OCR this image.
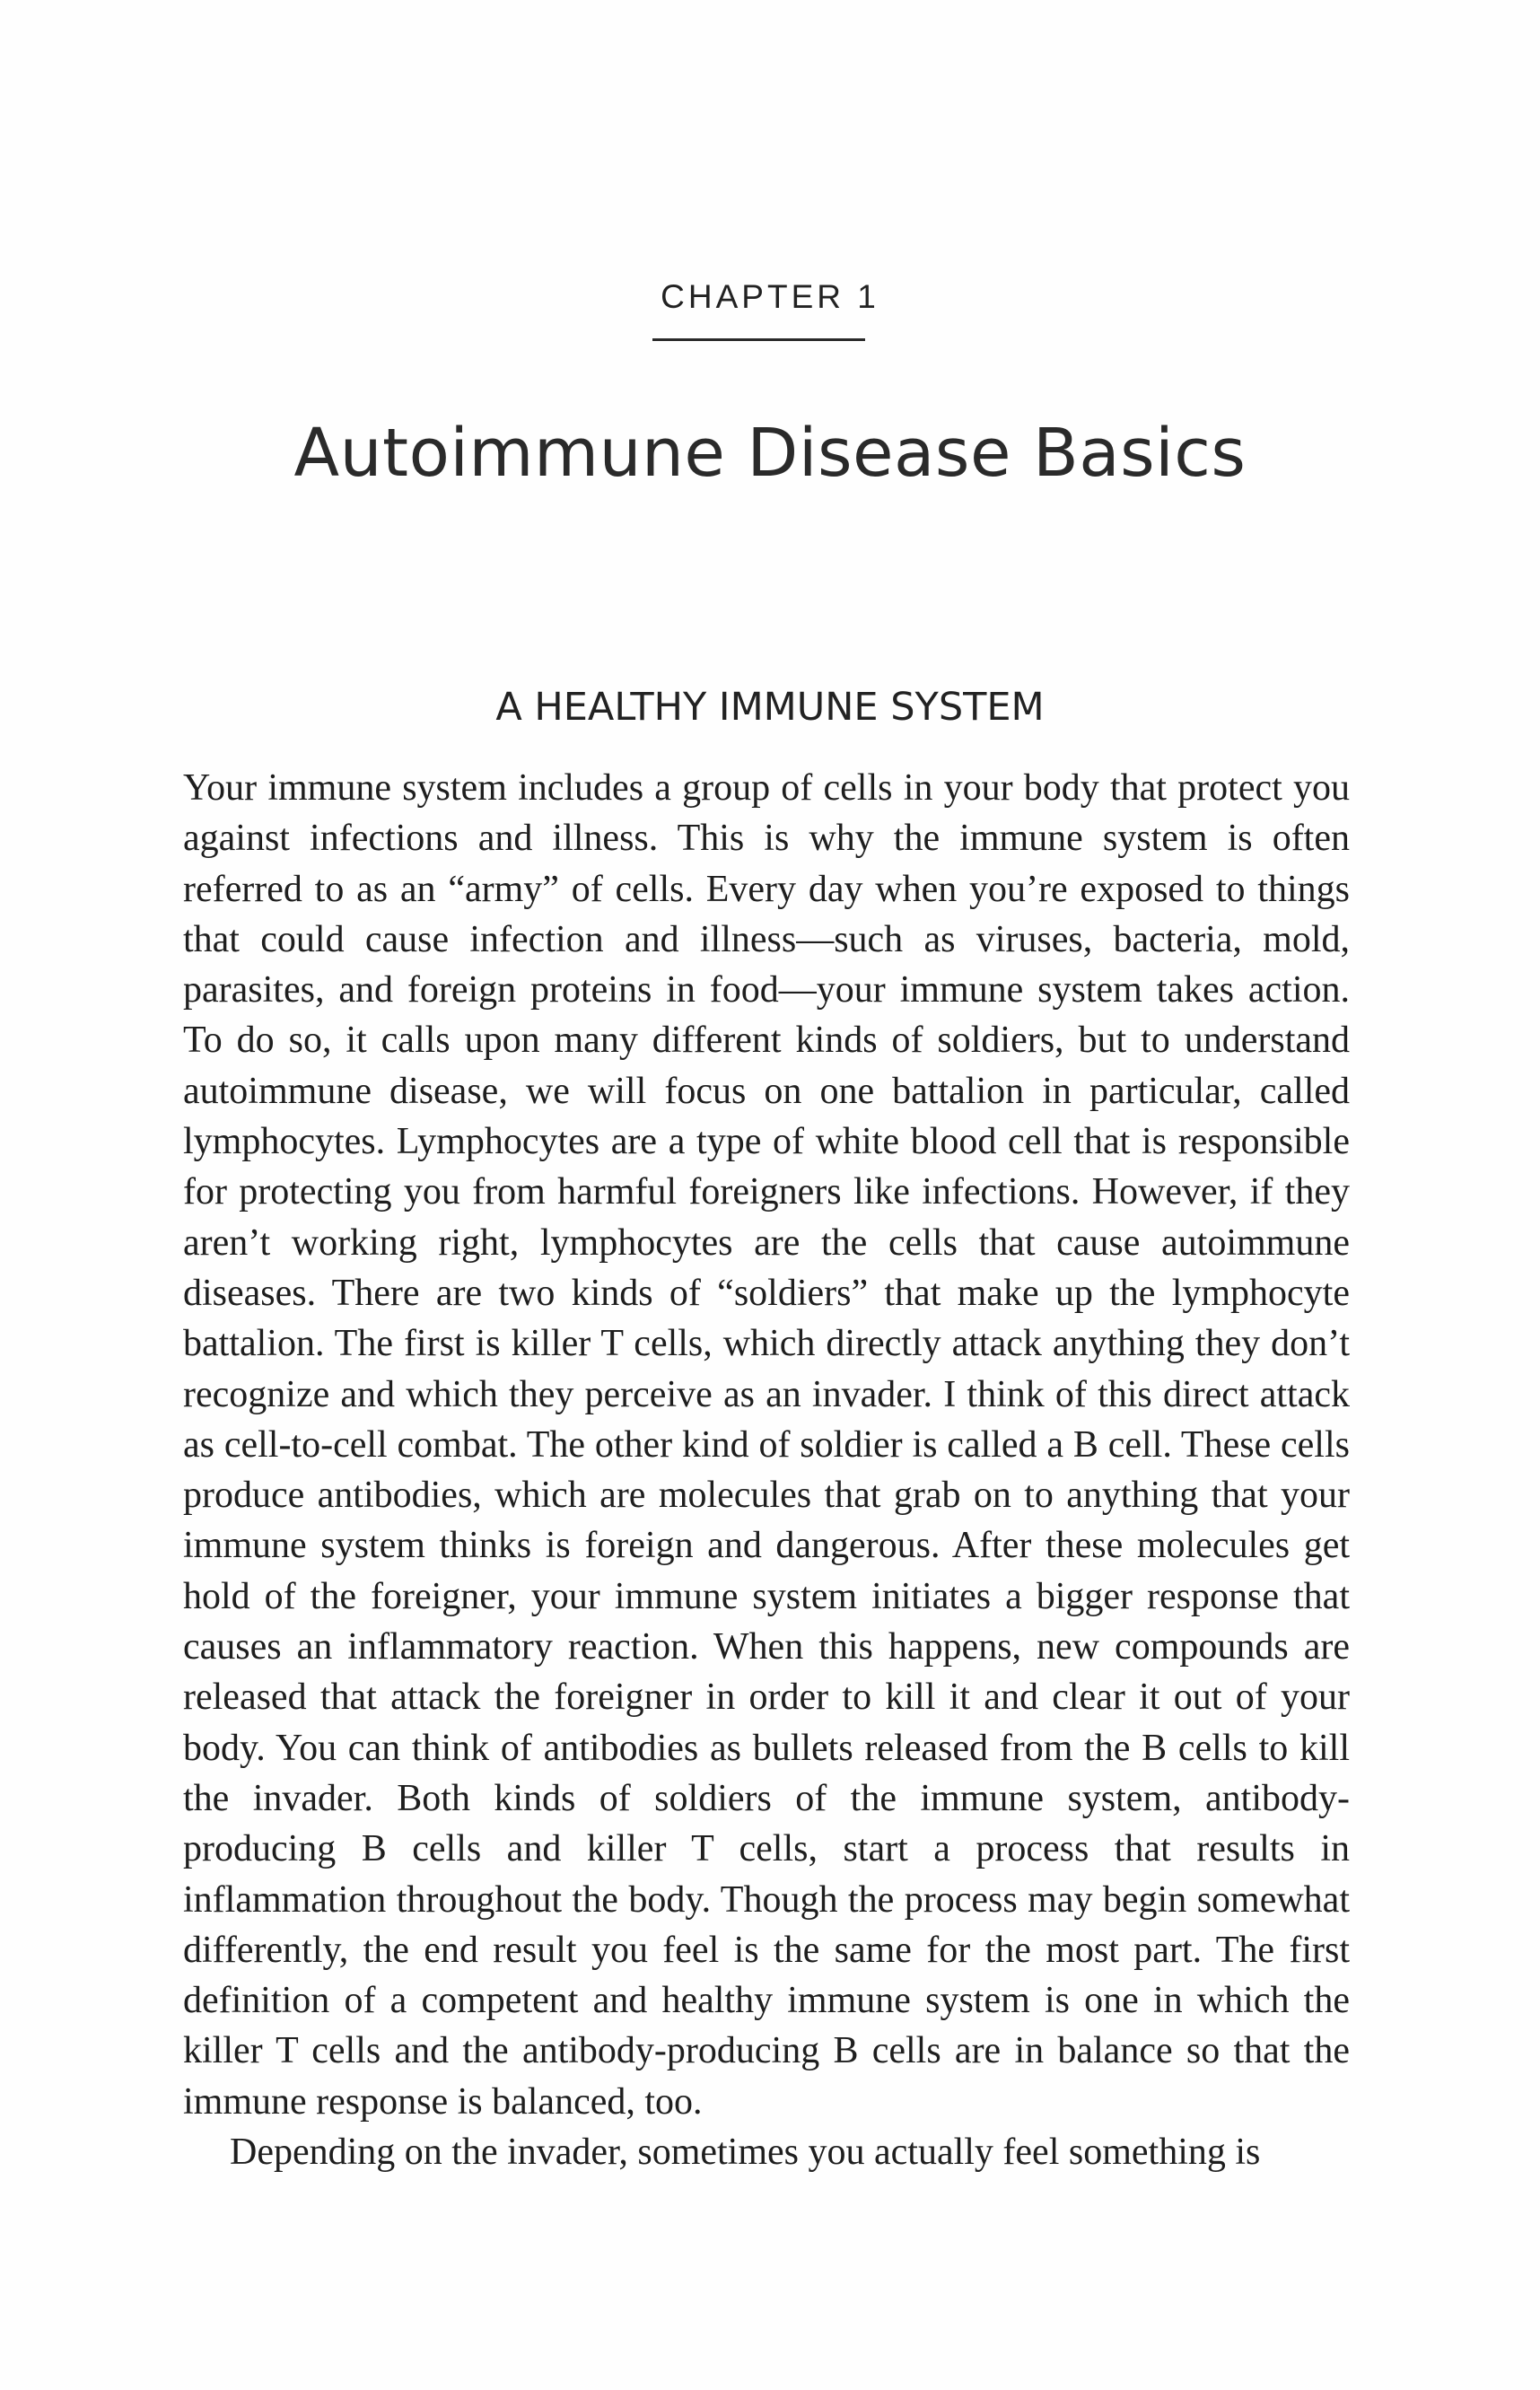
CHAPTER 1
Autoimmune Disease Basics
A HEALTHY IMMUNE SYSTEM

Your immune system includes a group of cells in your body that protect you against infections and illness. This is why the immune system is often referred to as an “army” of cells. Every day when you’re exposed to things that could cause infection and illness—such as viruses, bacteria, mold, parasites, and foreign proteins in food—your immune system takes action. To do so, it calls upon many different kinds of soldiers, but to understand autoimmune disease, we will focus on one battalion in particular, called lymphocytes. Lymphocytes are a type of white blood cell that is responsible for protecting you from harmful foreigners like infections. However, if they aren’t working right, lymphocytes are the cells that cause autoimmune diseases. There are two kinds of “soldiers” that make up the lymphocyte battalion. The first is killer T cells, which directly attack anything they don’t recognize and which they perceive as an invader. I think of this direct attack as cell-to-cell combat. The other kind of soldier is called a B cell. These cells produce antibodies, which are molecules that grab on to anything that your immune system thinks is foreign and dangerous. After these molecules get hold of the foreigner, your immune system initiates a bigger response that causes an inflammatory reaction. When this happens, new compounds are released that attack the foreigner in order to kill it and clear it out of your body. You can think of antibodies as bullets released from the B cells to kill the invader. Both kinds of soldiers of the immune system, antibody-producing B cells and killer T cells, start a process that results in inflammation throughout the body. Though the process may begin somewhat differently, the end result you feel is the same for the most part. The first definition of a competent and healthy immune system is one in which the killer T cells and the antibody-producing B cells are in balance so that the immune response is balanced, too.

Depending on the invader, sometimes you actually feel something is
